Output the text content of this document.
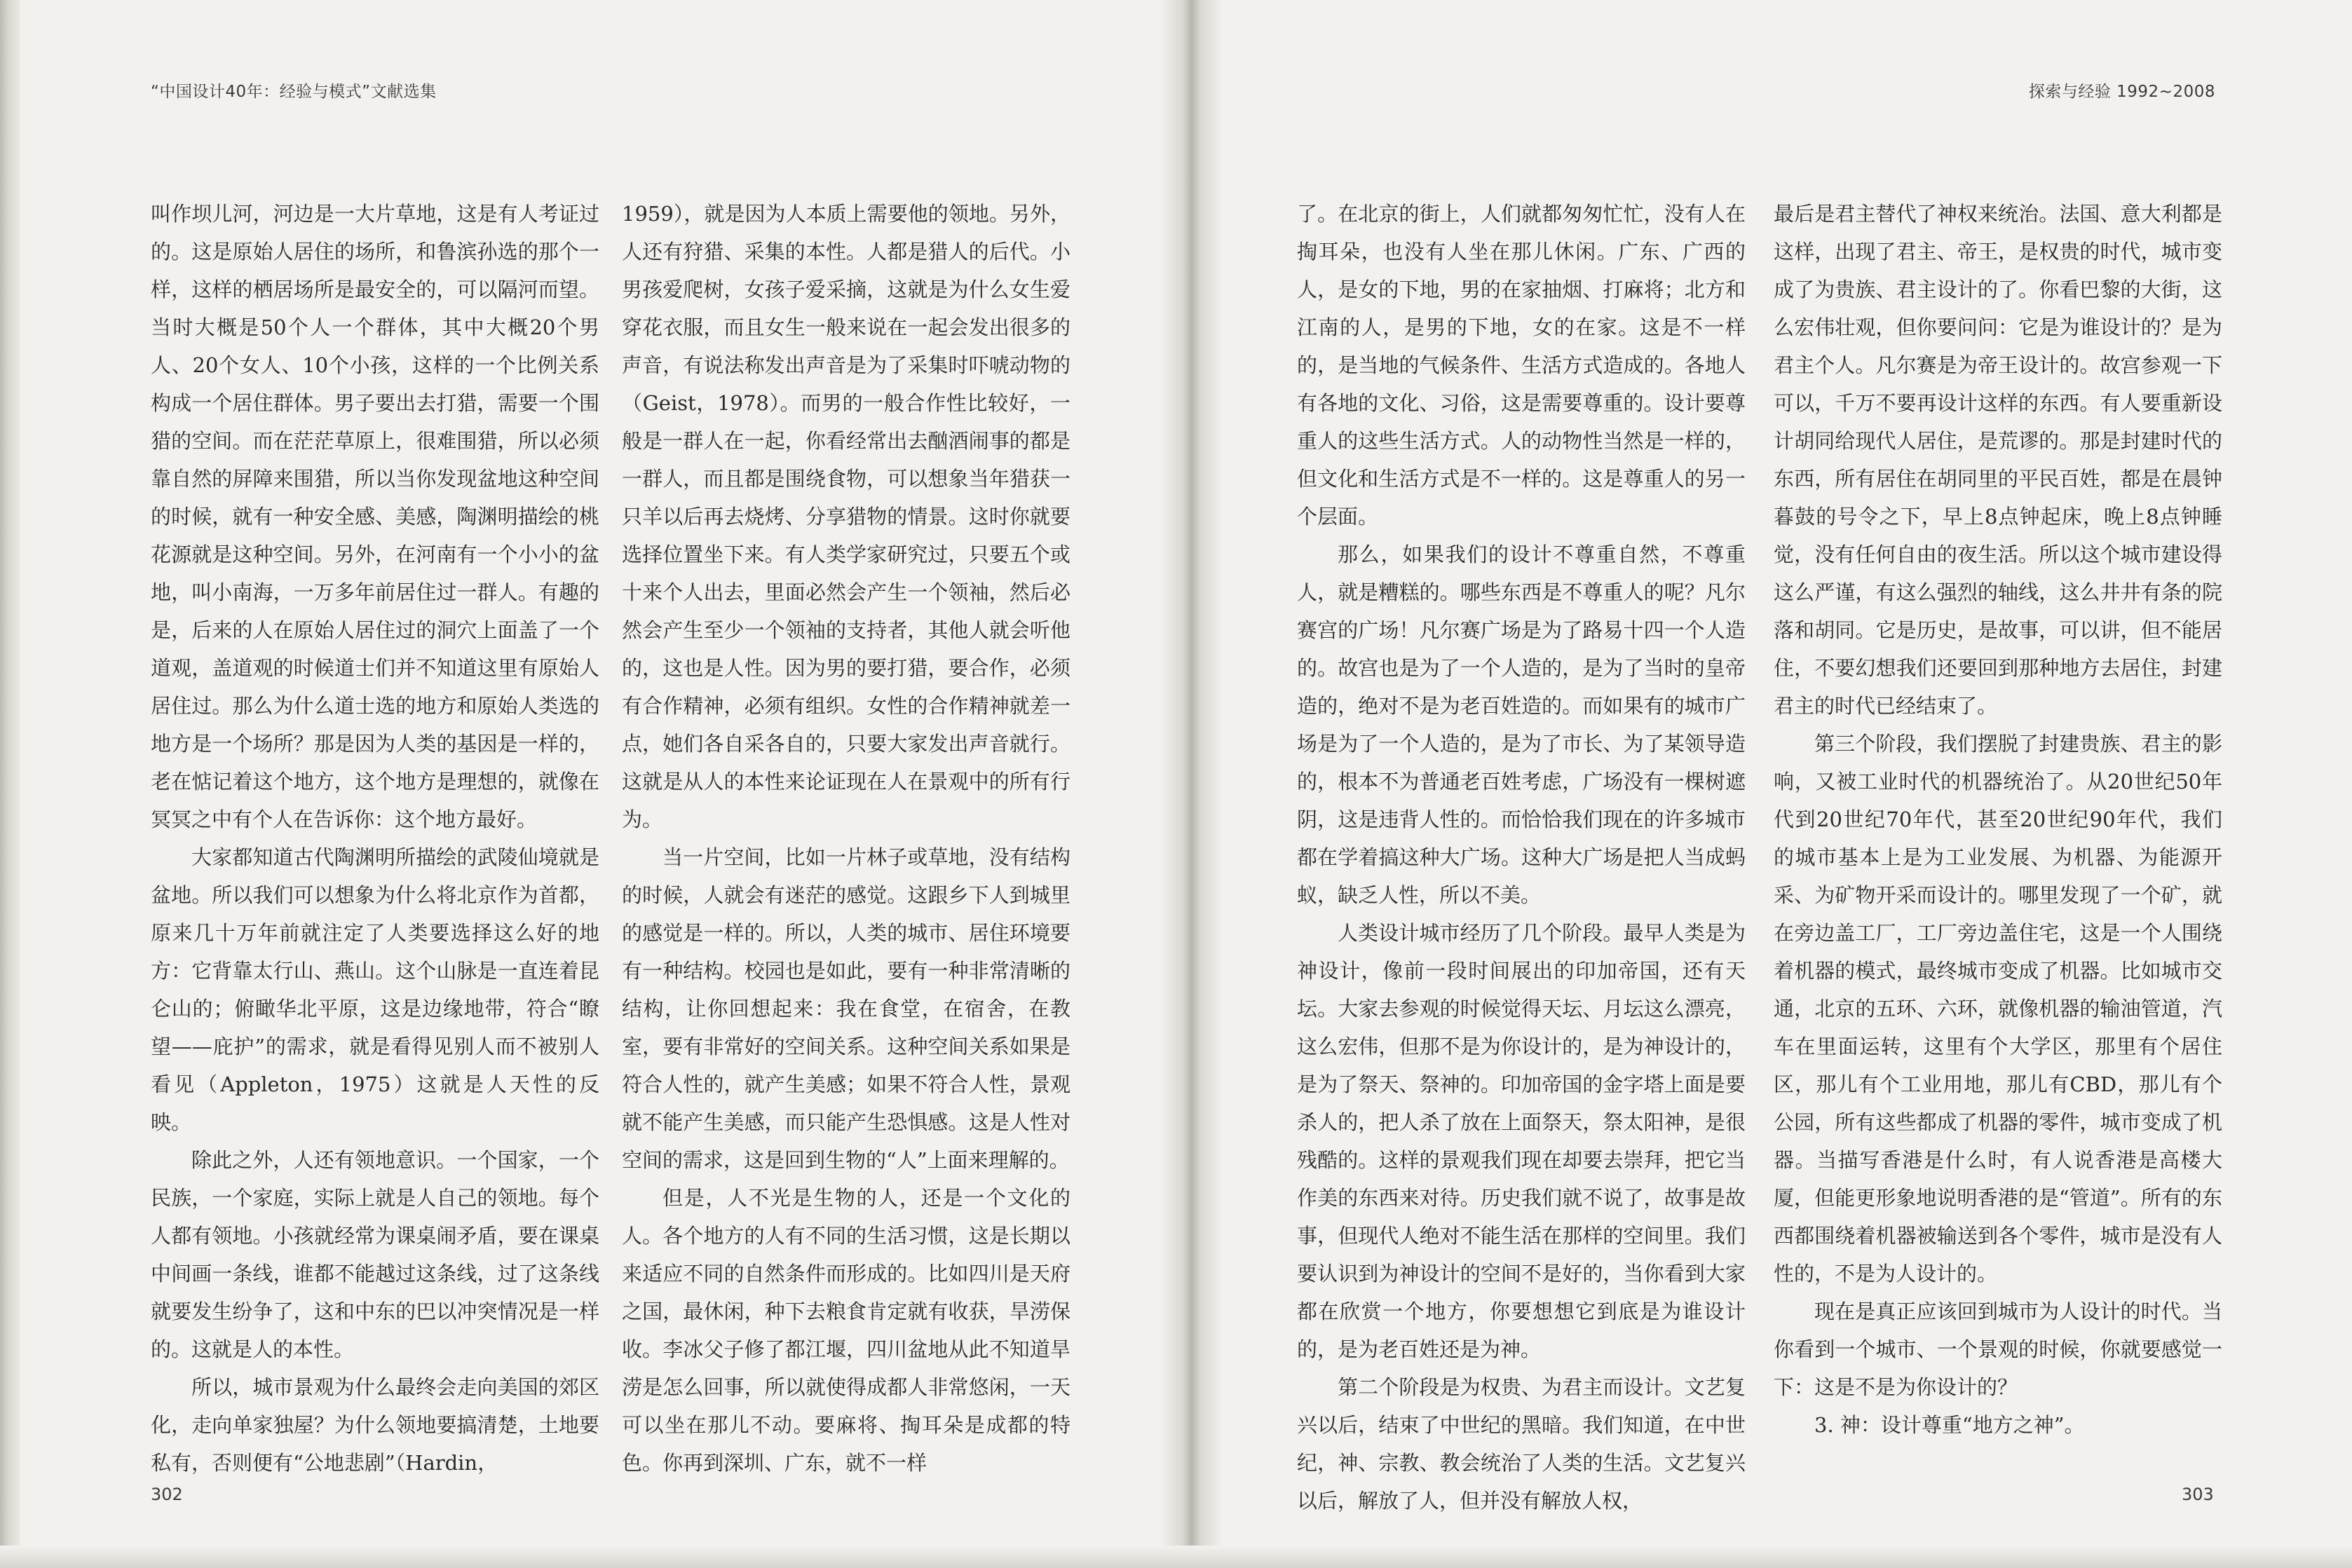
“中国设计40年：经验与模式”文献选集	探索与经验 1992~2008

叫作坝儿河，河边是一大片草地，这是有人考证过的。这是原始人居住的场所，和鲁滨孙选的那个一样，这样的栖居场所是最安全的，可以隔河而望。当时大概是50个人一个群体，其中大概20个男人、20个女人、10个小孩，这样的一个比例关系构成一个居住群体。男子要出去打猎，需要一个围猎的空间。而在茫茫草原上，很难围猎，所以必须靠自然的屏障来围猎，所以当你发现盆地这种空间的时候，就有一种安全感、美感，陶渊明描绘的桃花源就是这种空间。另外，在河南有一个小小的盆地，叫小南海，一万多年前居住过一群人。有趣的是，后来的人在原始人居住过的洞穴上面盖了一个道观，盖道观的时候道士们并不知道这里有原始人居住过。那么为什么道士选的地方和原始人类选的地方是一个场所？那是因为人类的基因是一样的，老在惦记着这个地方，这个地方是理想的，就像在冥冥之中有个人在告诉你：这个地方最好。

大家都知道古代陶渊明所描绘的武陵仙境就是盆地。所以我们可以想象为什么将北京作为首都，原来几十万年前就注定了人类要选择这么好的地方：它背靠太行山、燕山。这个山脉是一直连着昆仑山的；俯瞰华北平原，这是边缘地带，符合“瞭望——庇护”的需求，就是看得见别人而不被别人看见（Appleton，1975）这就是人天性的反映。

除此之外，人还有领地意识。一个国家，一个民族，一个家庭，实际上就是人自己的领地。每个人都有领地。小孩就经常为课桌闹矛盾，要在课桌中间画一条线，谁都不能越过这条线，过了这条线就要发生纷争了，这和中东的巴以冲突情况是一样的。这就是人的本性。

所以，城市景观为什么最终会走向美国的郊区化，走向单家独屋？为什么领地要搞清楚，土地要私有，否则便有“公地悲剧”（Hardin，

1959），就是因为人本质上需要他的领地。另外，人还有狩猎、采集的本性。人都是猎人的后代。小男孩爱爬树，女孩子爱采摘，这就是为什么女生爱穿花衣服，而且女生一般来说在一起会发出很多的声音，有说法称发出声音是为了采集时吓唬动物的（Geist，1978）。而男的一般合作性比较好，一般是一群人在一起，你看经常出去酗酒闹事的都是一群人，而且都是围绕食物，可以想象当年猎获一只羊以后再去烧烤、分享猎物的情景。这时你就要选择位置坐下来。有人类学家研究过，只要五个或十来个人出去，里面必然会产生一个领袖，然后必然会产生至少一个领袖的支持者，其他人就会听他的，这也是人性。因为男的要打猎，要合作，必须有合作精神，必须有组织。女性的合作精神就差一点，她们各自采各自的，只要大家发出声音就行。这就是从人的本性来论证现在人在景观中的所有行为。

当一片空间，比如一片林子或草地，没有结构的时候，人就会有迷茫的感觉。这跟乡下人到城里的感觉是一样的。所以，人类的城市、居住环境要有一种结构。校园也是如此，要有一种非常清晰的结构，让你回想起来：我在食堂，在宿舍，在教室，要有非常好的空间关系。这种空间关系如果是符合人性的，就产生美感；如果不符合人性，景观就不能产生美感，而只能产生恐惧感。这是人性对空间的需求，这是回到生物的“人”上面来理解的。

但是，人不光是生物的人，还是一个文化的人。各个地方的人有不同的生活习惯，这是长期以来适应不同的自然条件而形成的。比如四川是天府之国，最休闲，种下去粮食肯定就有收获，旱涝保收。李冰父子修了都江堰，四川盆地从此不知道旱涝是怎么回事，所以就使得成都人非常悠闲，一天可以坐在那儿不动。要麻将、掏耳朵是成都的特色。你再到深圳、广东，就不一样

了。在北京的街上，人们就都匆匆忙忙，没有人在掏耳朵，也没有人坐在那儿休闲。广东、广西的人，是女的下地，男的在家抽烟、打麻将；北方和江南的人，是男的下地，女的在家。这是不一样的，是当地的气候条件、生活方式造成的。各地人有各地的文化、习俗，这是需要尊重的。设计要尊重人的这些生活方式。人的动物性当然是一样的，但文化和生活方式是不一样的。这是尊重人的另一个层面。

那么，如果我们的设计不尊重自然，不尊重人，就是糟糕的。哪些东西是不尊重人的呢？凡尔赛宫的广场！凡尔赛广场是为了路易十四一个人造的。故宫也是为了一个人造的，是为了当时的皇帝造的，绝对不是为老百姓造的。而如果有的城市广场是为了一个人造的，是为了市长、为了某领导造的，根本不为普通老百姓考虑，广场没有一棵树遮阴，这是违背人性的。而恰恰我们现在的许多城市都在学着搞这种大广场。这种大广场是把人当成蚂蚁，缺乏人性，所以不美。

人类设计城市经历了几个阶段。最早人类是为神设计，像前一段时间展出的印加帝国，还有天坛。大家去参观的时候觉得天坛、月坛这么漂亮，这么宏伟，但那不是为你设计的，是为神设计的，是为了祭天、祭神的。印加帝国的金字塔上面是要杀人的，把人杀了放在上面祭天，祭太阳神，是很残酷的。这样的景观我们现在却要去崇拜，把它当作美的东西来对待。历史我们就不说了，故事是故事，但现代人绝对不能生活在那样的空间里。我们要认识到为神设计的空间不是好的，当你看到大家都在欣赏一个地方，你要想想它到底是为谁设计的，是为老百姓还是为神。

第二个阶段是为权贵、为君主而设计。文艺复兴以后，结束了中世纪的黑暗。我们知道，在中世纪，神、宗教、教会统治了人类的生活。文艺复兴以后，解放了人，但并没有解放人权，

最后是君主替代了神权来统治。法国、意大利都是这样，出现了君主、帝王，是权贵的时代，城市变成了为贵族、君主设计的了。你看巴黎的大街，这么宏伟壮观，但你要问问：它是为谁设计的？是为君主个人。凡尔赛是为帝王设计的。故宫参观一下可以，千万不要再设计这样的东西。有人要重新设计胡同给现代人居住，是荒谬的。那是封建时代的东西，所有居住在胡同里的平民百姓，都是在晨钟暮鼓的号令之下，早上8点钟起床，晚上8点钟睡觉，没有任何自由的夜生活。所以这个城市建设得这么严谨，有这么强烈的轴线，这么井井有条的院落和胡同。它是历史，是故事，可以讲，但不能居住，不要幻想我们还要回到那种地方去居住，封建君主的时代已经结束了。

第三个阶段，我们摆脱了封建贵族、君主的影响，又被工业时代的机器统治了。从20世纪50年代到20世纪70年代，甚至20世纪90年代，我们的城市基本上是为工业发展、为机器、为能源开采、为矿物开采而设计的。哪里发现了一个矿，就在旁边盖工厂，工厂旁边盖住宅，这是一个人围绕着机器的模式，最终城市变成了机器。比如城市交通，北京的五环、六环，就像机器的输油管道，汽车在里面运转，这里有个大学区，那里有个居住区，那儿有个工业用地，那儿有CBD，那儿有个公园，所有这些都成了机器的零件，城市变成了机器。当描写香港是什么时，有人说香港是高楼大厦，但能更形象地说明香港的是“管道”。所有的东西都围绕着机器被输送到各个零件，城市是没有人性的，不是为人设计的。

现在是真正应该回到城市为人设计的时代。当你看到一个城市、一个景观的时候，你就要感觉一下：这是不是为你设计的？

3. 神：设计尊重“地方之神”。

302	303
